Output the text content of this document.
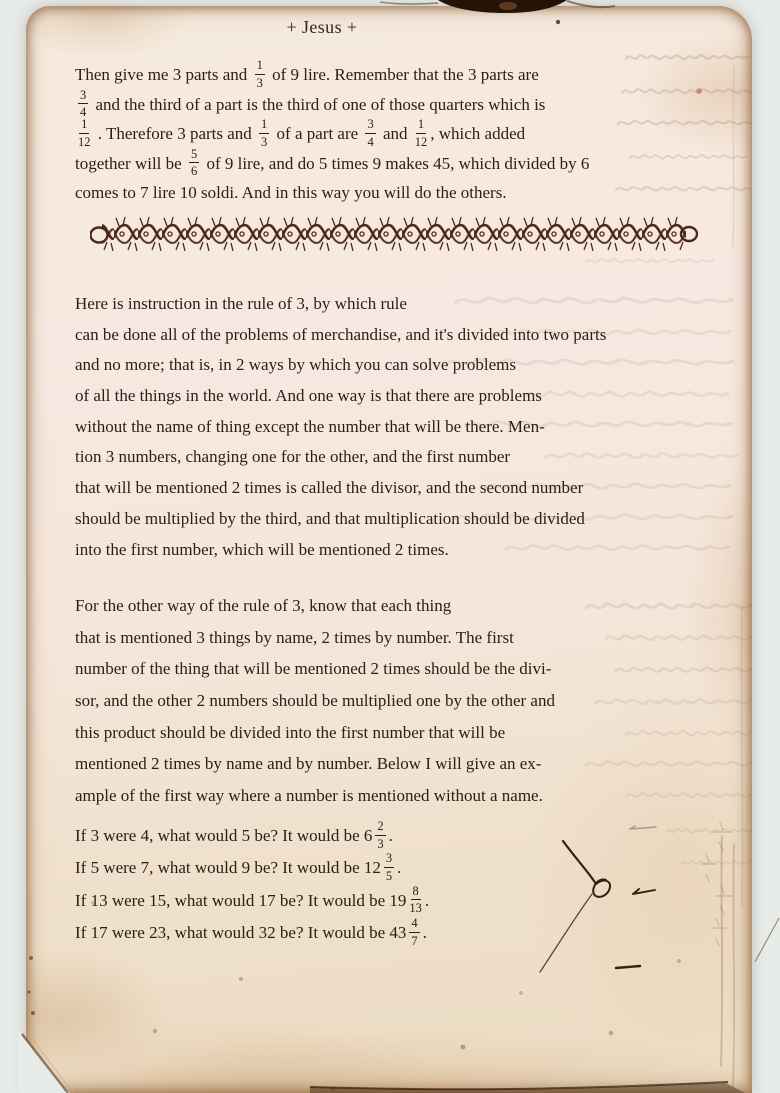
+ Jesus +
Then give me 3 parts and $\frac{1}{3}$ of 9 lire. Remember that the 3 parts are
$\frac{3}{4}$ and the third of a part is the third of one of those quarters which is
$\frac{1}{12}$ . Therefore 3 parts and $\frac{1}{3}$ of a part are $\frac{3}{4}$ and $\frac{1}{12}$ , which added
together will be $\frac{5}{6}$ of 9 lire, and do 5 times 9 makes 45, which divided by 6
comes to 7 lire 10 soldi. And in this way you will do the others.
Here is instruction in the rule of 3, by which rule
can be done all of the problems of merchandise, and it's divided into two parts
and no more; that is, in 2 ways by which you can solve problems
of all the things in the world. And one way is that there are problems
without the name of thing except the number that will be there. Men-
tion 3 numbers, changing one for the other, and the first number
that will be mentioned 2 times is called the divisor, and the second number
should be multiplied by the third, and that multiplication should be divided
into the first number, which will be mentioned 2 times.
For the other way of the rule of 3, know that each thing
that is mentioned 3 things by name, 2 times by number. The first
number of the thing that will be mentioned 2 times should be the divi-
sor, and the other 2 numbers should be multiplied one by the other and
this product should be divided into the first number that will be
mentioned 2 times by name and by number. Below I will give an ex-
ample of the first way where a number is mentioned without a name.
If 3 were 4, what would 5 be? It would be $6 \frac{2}{3}$ .
If 5 were 7, what would 9 be? It would be $12 \frac{3}{5}$ .
If 13 were 15, what would 17 be? It would be $19 \frac{8}{13}$ .
If 17 were 23, what would 32 be? It would be $43 \frac{4}{7}$ .
